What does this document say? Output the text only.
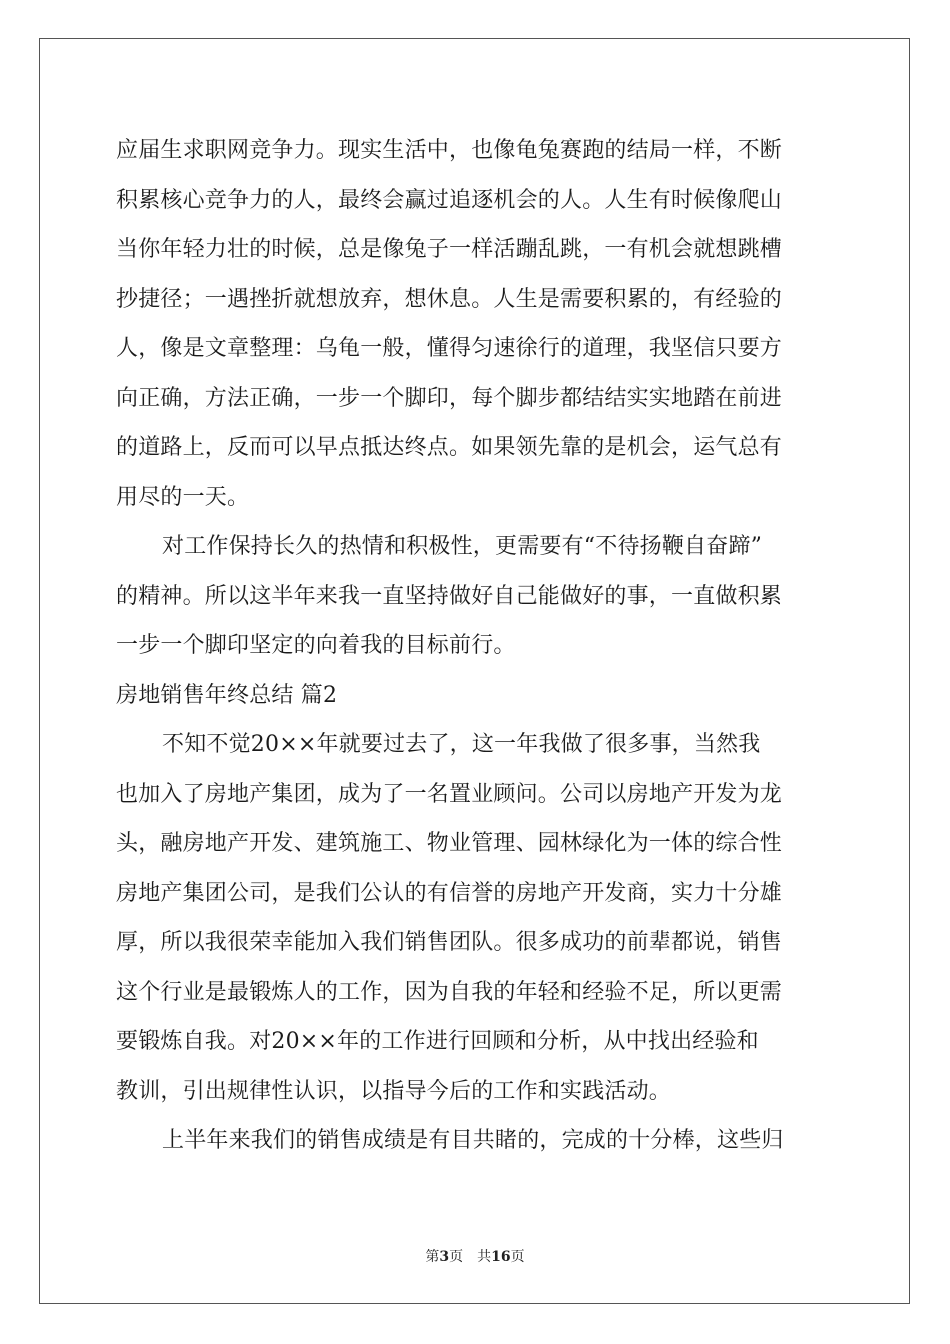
应届生求职网竞争力。现实生活中，也像龟兔赛跑的结局一样，不断
积累核心竞争力的人，最终会赢过追逐机会的人。人生有时候像爬山
当你年轻力壮的时候，总是像兔子一样活蹦乱跳，一有机会就想跳槽
抄捷径；一遇挫折就想放弃，想休息。人生是需要积累的，有经验的
人，像是文章整理：乌龟一般，懂得匀速徐行的道理，我坚信只要方
向正确，方法正确，一步一个脚印，每个脚步都结结实实地踏在前进
的道路上，反而可以早点抵达终点。如果领先靠的是机会，运气总有
用尽的一天。
对工作保持长久的热情和积极性，更需要有“不待扬鞭自奋蹄”
的精神。所以这半年来我一直坚持做好自己能做好的事，一直做积累
一步一个脚印坚定的向着我的目标前行。
房地销售年终总结 篇2
不知不觉20××年就要过去了，这一年我做了很多事，当然我
也加入了房地产集团，成为了一名置业顾问。公司以房地产开发为龙
头，融房地产开发、建筑施工、物业管理、园林绿化为一体的综合性
房地产集团公司，是我们公认的有信誉的房地产开发商，实力十分雄
厚，所以我很荣幸能加入我们销售团队。很多成功的前辈都说，销售
这个行业是最锻炼人的工作，因为自我的年轻和经验不足，所以更需
要锻炼自我。对20××年的工作进行回顾和分析，从中找出经验和
教训，引出规律性认识，以指导今后的工作和实践活动。
上半年来我们的销售成绩是有目共睹的，完成的十分棒，这些归
第3页　共16页
